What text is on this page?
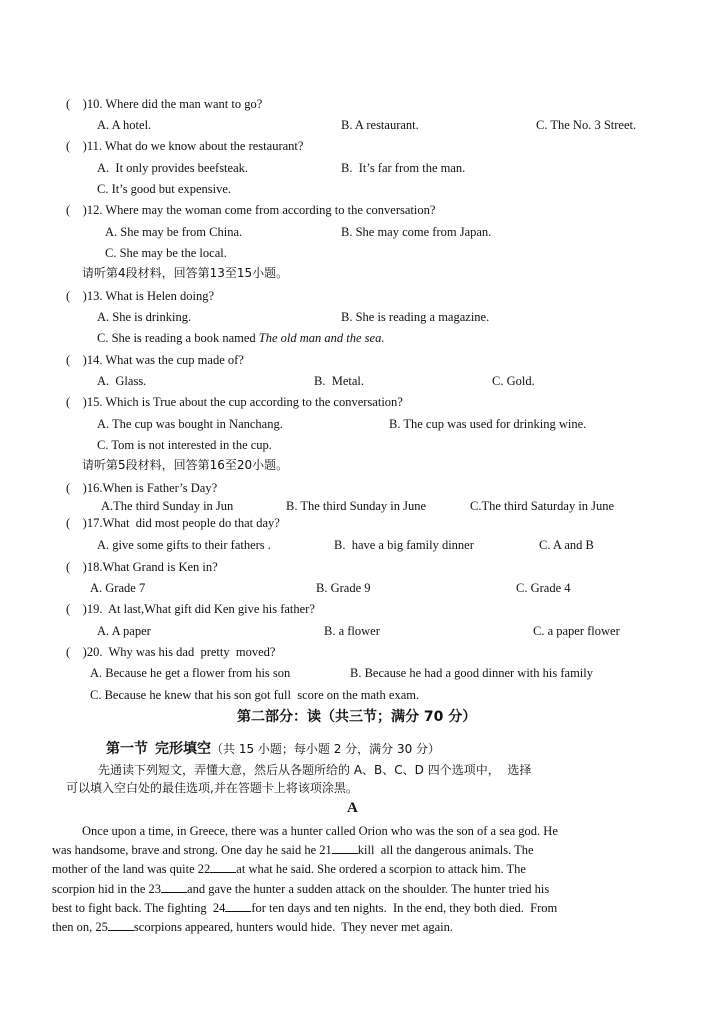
(    )10. Where did the man want to go?
A. A hotel.	B. A restaurant.	C. The No. 3 Street.
(    )11. What do we know about the restaurant?
A.  It only provides beefsteak.	B.  It’s far from the man.
C. It’s good but expensive.
(    )12. Where may the woman come from according to the conversation?
A. She may be from China.	B. She may come from Japan.
C. She may be the local.
请听第4段材料，回答第13至15小题。
(    )13. What is Helen doing?
A. She is drinking.	B. She is reading a magazine.
C. She is reading a book named The old man and the sea.
(    )14. What was the cup made of?
A.  Glass.	B.  Metal.	C. Gold.
(    )15. Which is True about the cup according to the conversation?
A. The cup was bought in Nanchang.	B. The cup was used for drinking wine.
C. Tom is not interested in the cup.
请听第5段材料，回答第16至20小题。
(    )16.When is Father’s Day?
A.The third Sunday in Jun	B. The third Sunday in June	C.The third Saturday in June
(    )17.What  did most people do that day?
A. give some gifts to their fathers .	B.  have a big family dinner	C. A and B
(    )18.What Grand is Ken in?
A. Grade 7	B. Grade 9	C. Grade 4
(    )19.  At last,What gift did Ken give his father?
A. A paper	B. a flower	C. a paper flower
(    )20.  Why was his dad  pretty  moved?
A. Because he get a flower from his son	B. Because he had a good dinner with his family
C. Because he knew that his son got full  score on the math exam.
第二部分：读（共三节；满分 70 分）
第一节  完形填空（共 15 小题；每小题 2 分，满分 30 分）
先通读下列短文，弄懂大意，然后从各题所给的 A、B、C、D 四个选项中，  选择
可以填入空白处的最佳选项,并在答题卡上将该项涂黑。
A
Once upon a time, in Greece, there was a hunter called Orion who was the son of a sea god. He
was handsome, brave and strong. One day he said he 21 kill  all the dangerous animals. The
mother of the land was quite 22 at what he said. She ordered a scorpion to attack him. The
scorpion hid in the 23 and gave the hunter a sudden attack on the shoulder. The hunter tried his
best to fight back. The fighting  24 for ten days and ten nights.  In the end, they both died.  From
then on, 25 scorpions appeared, hunters would hide.  They never met again.
